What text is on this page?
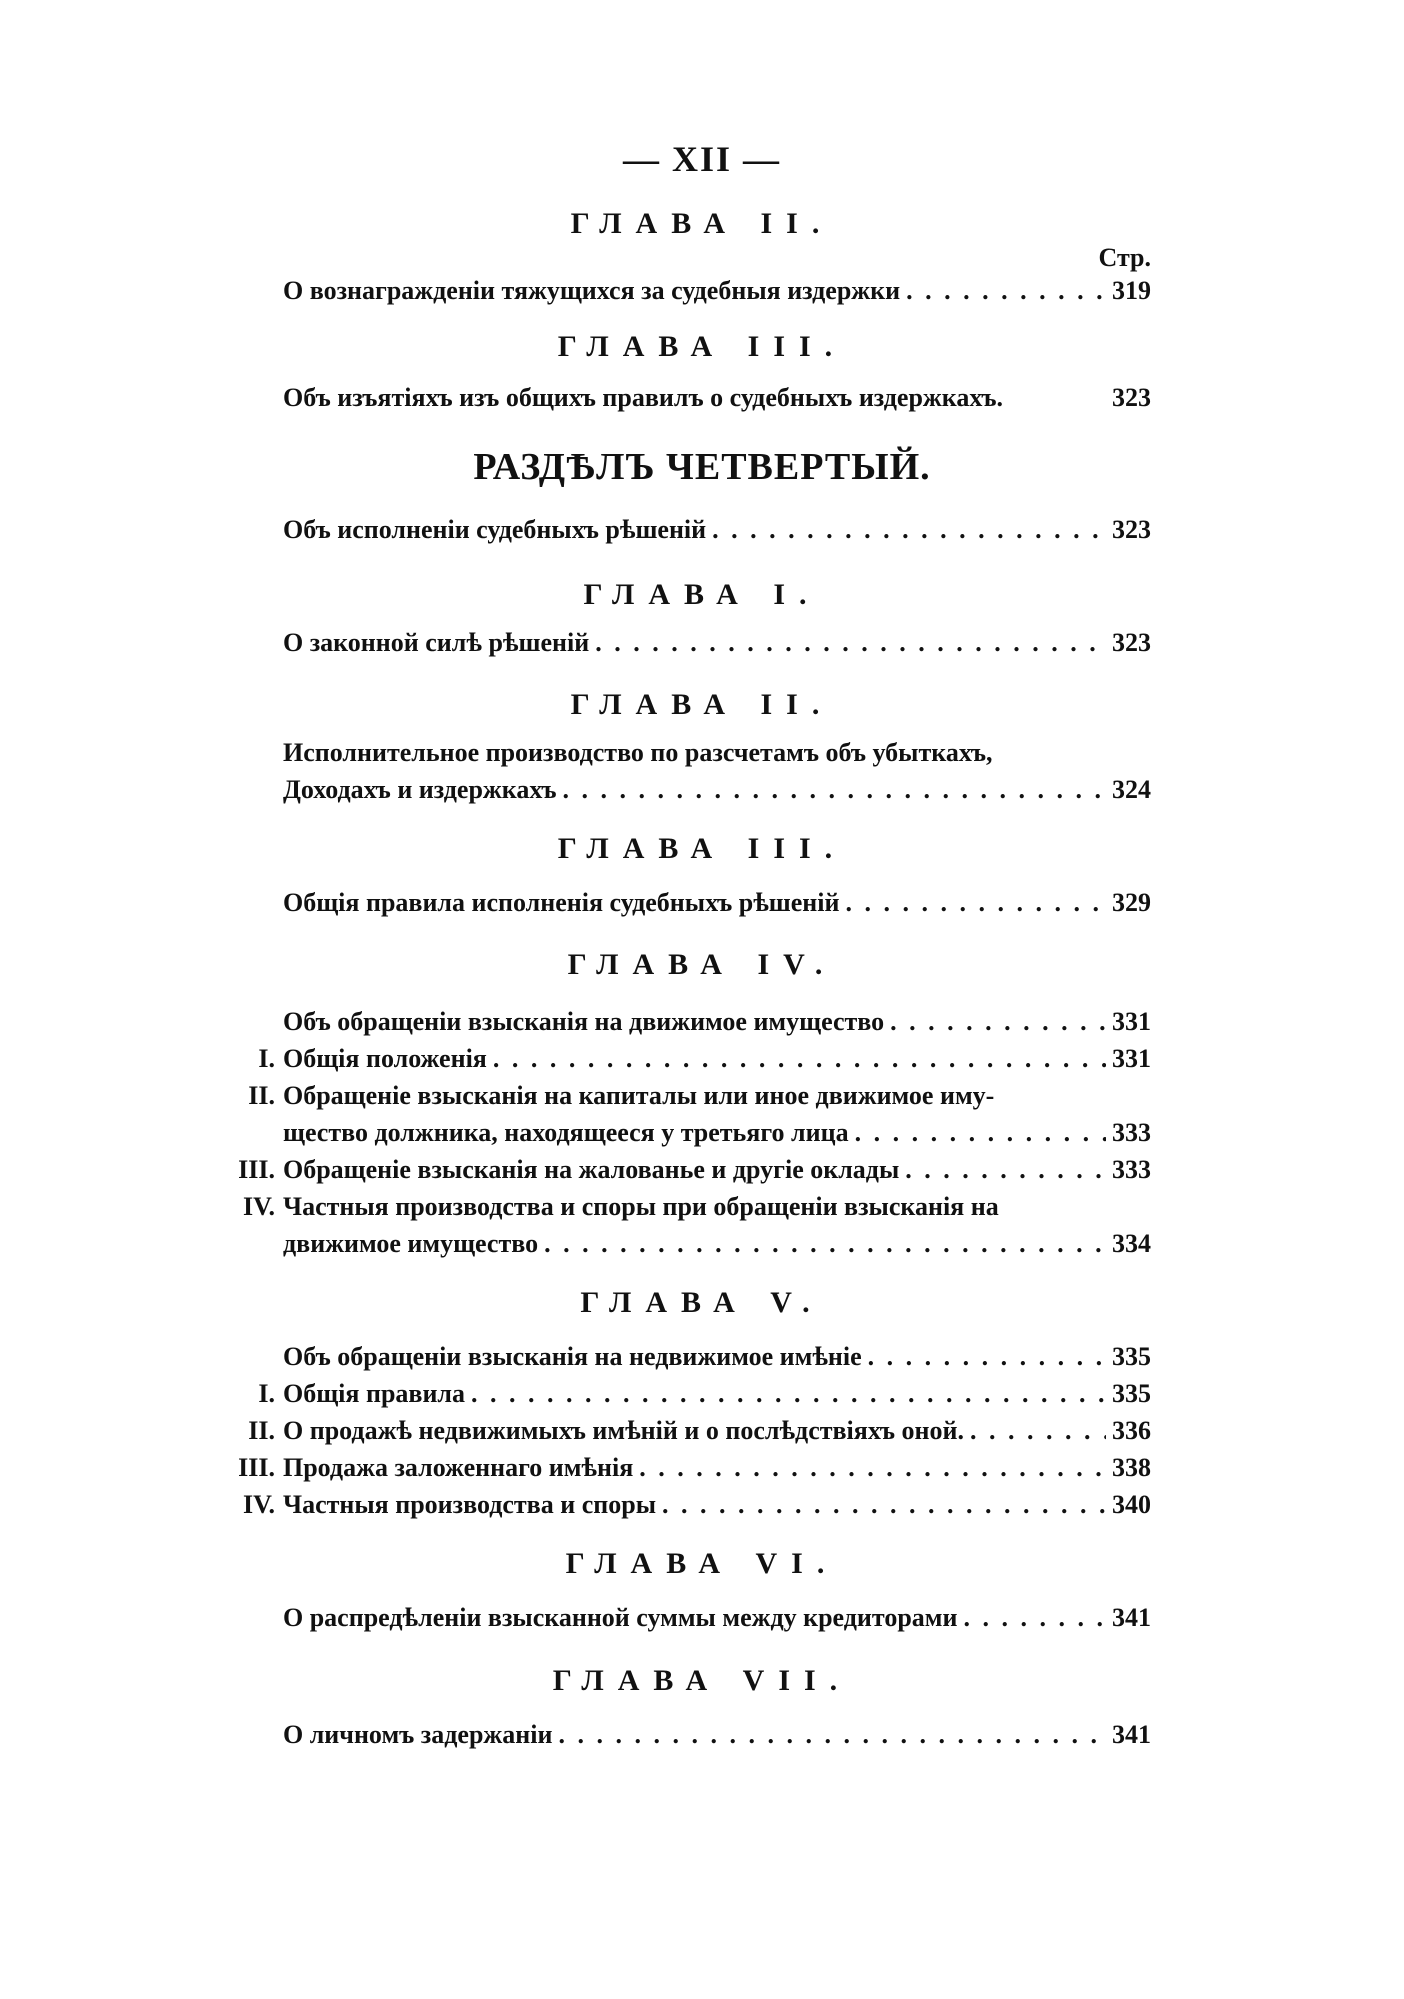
— XII —
ГЛАВА II.
Стр.
О вознагражденіи тяжущихся за судебныя издержки . . .	319
ГЛАВА III.
Объ изъятіяхъ изъ общихъ правилъ о судебныхъ издержкахъ.	323
РАЗДѢЛЪ ЧЕТВЕРТЫЙ.
Объ исполненіи судебныхъ рѣшеній . . .	323
ГЛАВА I.
О законной силѣ рѣшеній . . .	323
ГЛАВА II.
Исполнительное производство по разсчетамъ объ убыткахъ,
Доходахъ и издержкахъ . . .	324
ГЛАВА III.
Общія правила исполненія судебныхъ рѣшеній . . .	329
ГЛАВА IV.
Объ обращеніи взысканія на движимое имущество . . .	331
I. Общія положенія . . .	331
II. Обращеніе взысканія на капиталы или иное движимое иму-
щество должника, находящееся у третьяго лица . . .	333
III. Обращеніе взысканія на жалованье и другіе оклады . . .	333
IV. Частныя производства и споры при обращеніи взысканія на
движимое имущество . . .	334
ГЛАВА V.
Объ обращеніи взысканія на недвижимое имѣніе . . .	335
I. Общія правила . . .	335
II. О продажѣ недвижимыхъ имѣній и о послѣдствіяхъ оной. . . .	336
III. Продажа заложеннаго имѣнія . . .	338
IV. Частныя производства и споры . . .	340
ГЛАВА VI.
О распредѣленіи взысканной суммы между кредиторами . . .	341
ГЛАВА VII.
О личномъ задержаніи . . .	341
